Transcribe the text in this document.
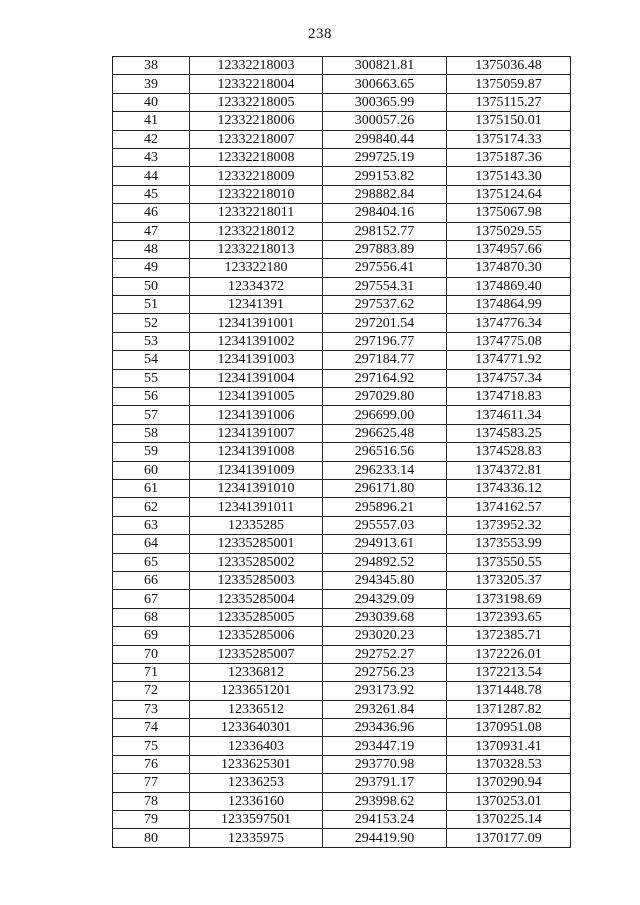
238
38	12332218003	300821.81	1375036.48
39	12332218004	300663.65	1375059.87
40	12332218005	300365.99	1375115.27
41	12332218006	300057.26	1375150.01
42	12332218007	299840.44	1375174.33
43	12332218008	299725.19	1375187.36
44	12332218009	299153.82	1375143.30
45	12332218010	298882.84	1375124.64
46	12332218011	298404.16	1375067.98
47	12332218012	298152.77	1375029.55
48	12332218013	297883.89	1374957.66
49	123322180	297556.41	1374870.30
50	12334372	297554.31	1374869.40
51	12341391	297537.62	1374864.99
52	12341391001	297201.54	1374776.34
53	12341391002	297196.77	1374775.08
54	12341391003	297184.77	1374771.92
55	12341391004	297164.92	1374757.34
56	12341391005	297029.80	1374718.83
57	12341391006	296699.00	1374611.34
58	12341391007	296625.48	1374583.25
59	12341391008	296516.56	1374528.83
60	12341391009	296233.14	1374372.81
61	12341391010	296171.80	1374336.12
62	12341391011	295896.21	1374162.57
63	12335285	295557.03	1373952.32
64	12335285001	294913.61	1373553.99
65	12335285002	294892.52	1373550.55
66	12335285003	294345.80	1373205.37
67	12335285004	294329.09	1373198.69
68	12335285005	293039.68	1372393.65
69	12335285006	293020.23	1372385.71
70	12335285007	292752.27	1372226.01
71	12336812	292756.23	1372213.54
72	1233651201	293173.92	1371448.78
73	12336512	293261.84	1371287.82
74	1233640301	293436.96	1370951.08
75	12336403	293447.19	1370931.41
76	1233625301	293770.98	1370328.53
77	12336253	293791.17	1370290.94
78	12336160	293998.62	1370253.01
79	1233597501	294153.24	1370225.14
80	12335975	294419.90	1370177.09
